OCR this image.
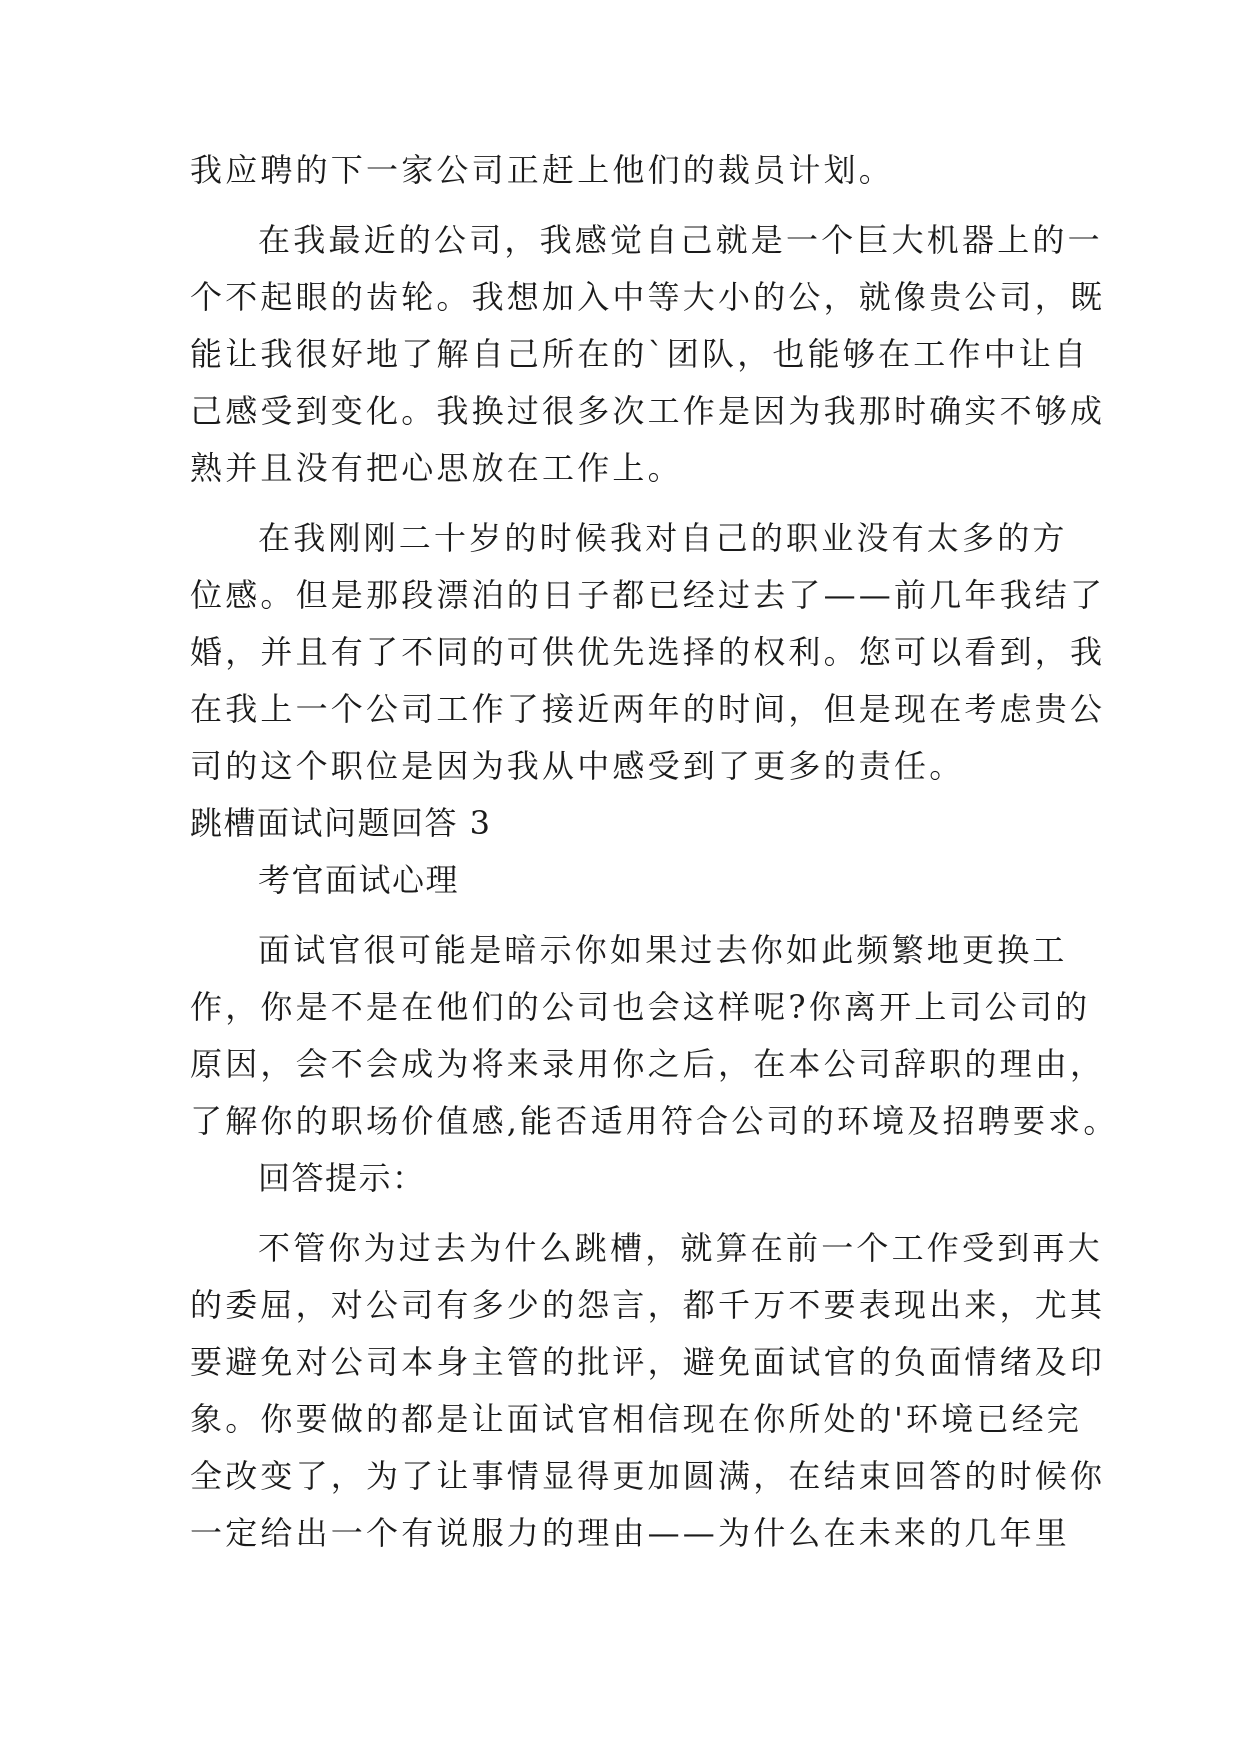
我应聘的下一家公司正赶上他们的裁员计划。
在我最近的公司，我感觉自己就是一个巨大机器上的一
个不起眼的齿轮。我想加入中等大小的公，就像贵公司，既
能让我很好地了解自己所在的`团队，也能够在工作中让自
己感受到变化。我换过很多次工作是因为我那时确实不够成
熟并且没有把心思放在工作上。
在我刚刚二十岁的时候我对自己的职业没有太多的方
位感。但是那段漂泊的日子都已经过去了——前几年我结了
婚，并且有了不同的可供优先选择的权利。您可以看到，我
在我上一个公司工作了接近两年的时间，但是现在考虑贵公
司的这个职位是因为我从中感受到了更多的责任。
跳槽面试问题回答 3
考官面试心理
面试官很可能是暗示你如果过去你如此频繁地更换工
作，你是不是在他们的公司也会这样呢?你离开上司公司的
原因，会不会成为将来录用你之后，在本公司辞职的理由，
了解你的职场价值感,能否适用符合公司的环境及招聘要求。
回答提示：
不管你为过去为什么跳槽，就算在前一个工作受到再大
的委屈，对公司有多少的怨言，都千万不要表现出来，尤其
要避免对公司本身主管的批评，避免面试官的负面情绪及印
象。你要做的都是让面试官相信现在你所处的'环境已经完
全改变了，为了让事情显得更加圆满，在结束回答的时候你
一定给出一个有说服力的理由——为什么在未来的几年里
